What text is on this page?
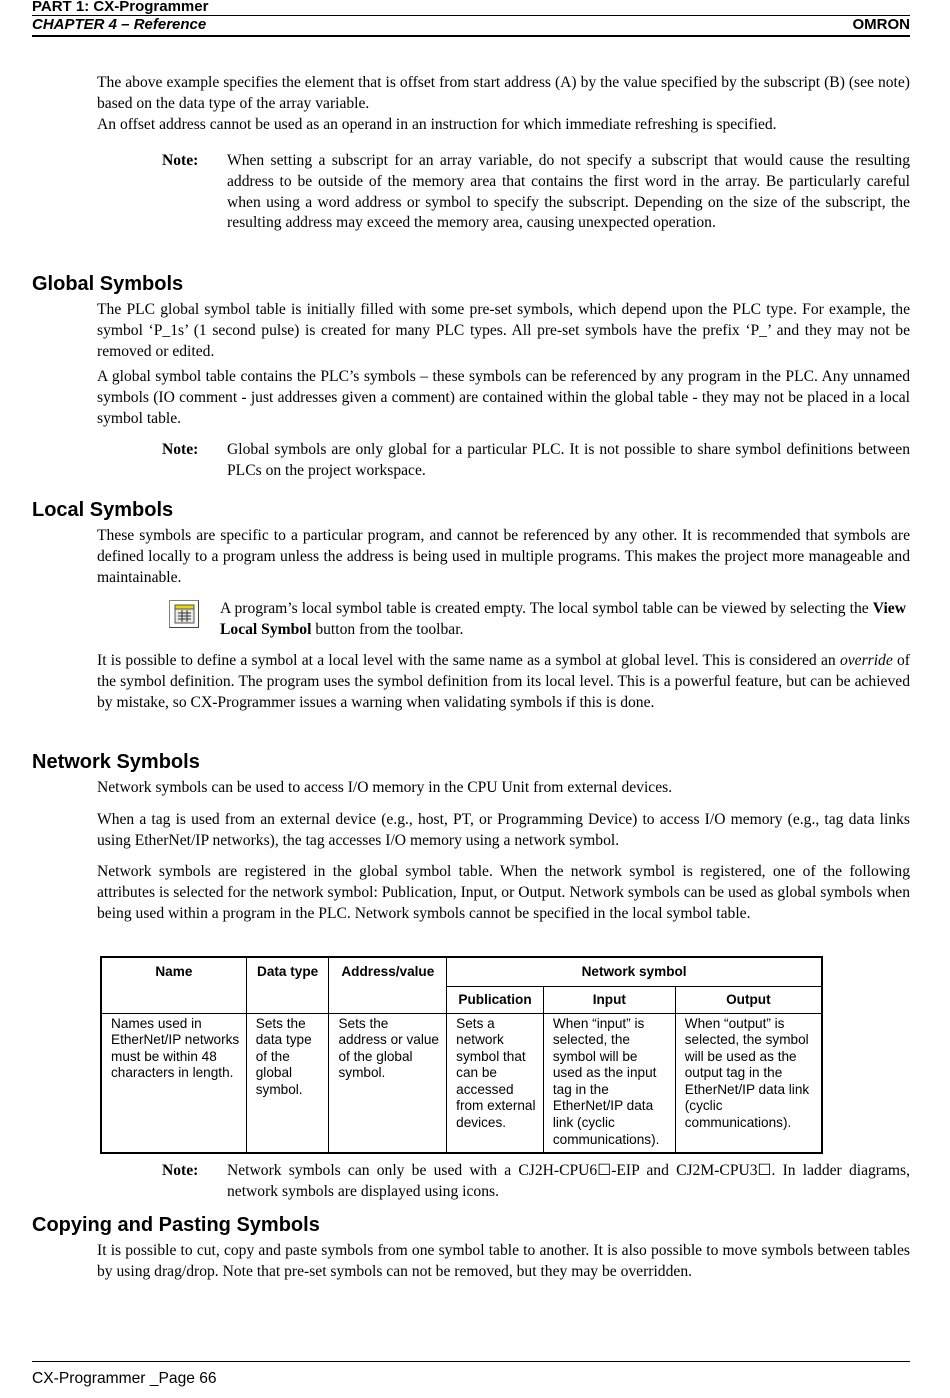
PART 1: CX-Programmer
CHAPTER 4 – Reference	OMRON

The above example specifies the element that is offset from start address (A) by the value specified by the subscript (B) (see note) based on the data type of the array variable.

An offset address cannot be used as an operand in an instruction for which immediate refreshing is specified.

Note: When setting a subscript for an array variable, do not specify a subscript that would cause the resulting address to be outside of the memory area that contains the first word in the array. Be particularly careful when using a word address or symbol to specify the subscript. Depending on the size of the subscript, the resulting address may exceed the memory area, causing unexpected operation.

Global Symbols

The PLC global symbol table is initially filled with some pre-set symbols, which depend upon the PLC type. For example, the symbol ‘P_1s’ (1 second pulse) is created for many PLC types. All pre-set symbols have the prefix ‘P_’ and they may not be removed or edited.

A global symbol table contains the PLC’s symbols – these symbols can be referenced by any program in the PLC. Any unnamed symbols (IO comment - just addresses given a comment) are contained within the global table - they may not be placed in a local symbol table.

Note: Global symbols are only global for a particular PLC. It is not possible to share symbol definitions between PLCs on the project workspace.

Local Symbols

These symbols are specific to a particular program, and cannot be referenced by any other. It is recommended that symbols are defined locally to a program unless the address is being used in multiple programs. This makes the project more manageable and maintainable.

A program’s local symbol table is created empty. The local symbol table can be viewed by selecting the View Local Symbol button from the toolbar.

It is possible to define a symbol at a local level with the same name as a symbol at global level. This is considered an override of the symbol definition. The program uses the symbol definition from its local level. This is a powerful feature, but can be achieved by mistake, so CX-Programmer issues a warning when validating symbols if this is done.

Network Symbols

Network symbols can be used to access I/O memory in the CPU Unit from external devices.

When a tag is used from an external device (e.g., host, PT, or Programming Device) to access I/O memory (e.g., tag data links using EtherNet/IP networks), the tag accesses I/O memory using a network symbol.

Network symbols are registered in the global symbol table. When the network symbol is registered, one of the following attributes is selected for the network symbol: Publication, Input, or Output. Network symbols can be used as global symbols when being used within a program in the PLC. Network symbols cannot be specified in the local symbol table.

Name	Data type	Address/value	Network symbol		
			Publication	Input	Output
Names used in EtherNet/IP networks must be within 48 characters in length.	Sets the data type of the global symbol.	Sets the address or value of the global symbol.	Sets a network symbol that can be accessed from external devices.	When “input” is selected, the symbol will be used as the input tag in the EtherNet/IP data link (cyclic communications).	When “output” is selected, the symbol will be used as the output tag in the EtherNet/IP data link (cyclic communications).
Note: Network symbols can only be used with a CJ2H-CPU6☐-EIP and CJ2M-CPU3☐. In ladder diagrams, network symbols are displayed using icons.

Copying and Pasting Symbols

It is possible to cut, copy and paste symbols from one symbol table to another. It is also possible to move symbols between tables by using drag/drop. Note that pre-set symbols can not be removed, but they may be overridden.

CX-Programmer _Page 66
